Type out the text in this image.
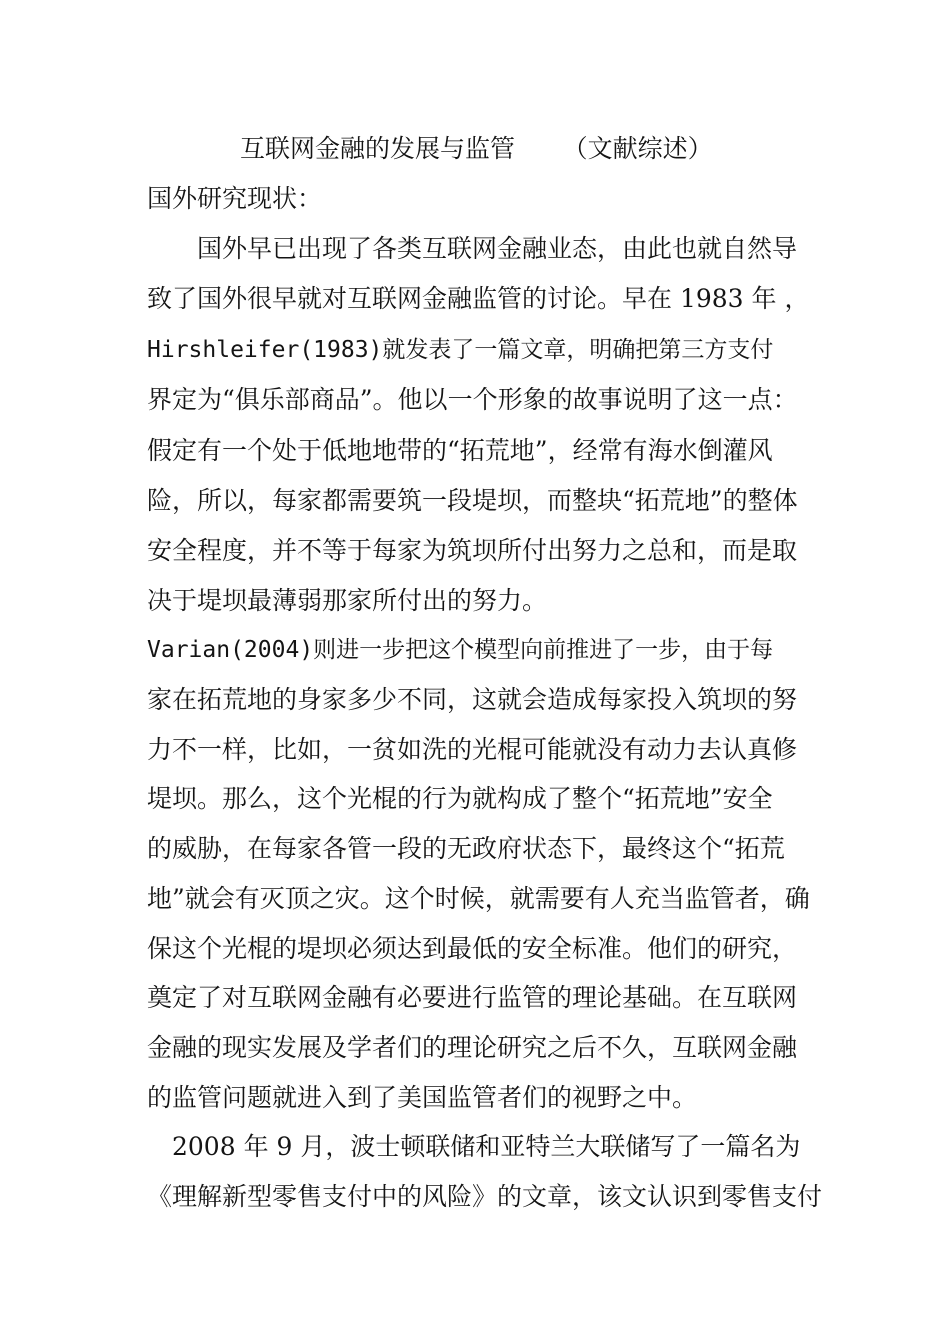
互联网金融的发展与监管      （文献综述）
国外研究现状：
国外早已出现了各类互联网金融业态，由此也就自然导
致了国外很早就对互联网金融监管的讨论。早在 1983 年 ，
Hirshleifer(1983)就发表了一篇文章，明确把第三方支付
界定为“俱乐部商品”。他以一个形象的故事说明了这一点：
假定有一个处于低地地带的“拓荒地”，经常有海水倒灌风
险，所以，每家都需要筑一段堤坝，而整块“拓荒地”的整体
安全程度，并不等于每家为筑坝所付出努力之总和，而是取
决于堤坝最薄弱那家所付出的努力。
Varian(2004)则进一步把这个模型向前推进了一步，由于每
家在拓荒地的身家多少不同，这就会造成每家投入筑坝的努
力不一样，比如，一贫如洗的光棍可能就没有动力去认真修
堤坝。那么，这个光棍的行为就构成了整个“拓荒地”安全
的威胁，在每家各管一段的无政府状态下，最终这个“拓荒
地”就会有灭顶之灾。这个时候，就需要有人充当监管者，确
保这个光棍的堤坝必须达到最低的安全标准。他们的研究，
奠定了对互联网金融有必要进行监管的理论基础。在互联网
金融的现实发展及学者们的理论研究之后不久，互联网金融
的监管问题就进入到了美国监管者们的视野之中。
2008 年 9 月，波士顿联储和亚特兰大联储写了一篇名为
《理解新型零售支付中的风险》的文章，该文认识到零售支付
